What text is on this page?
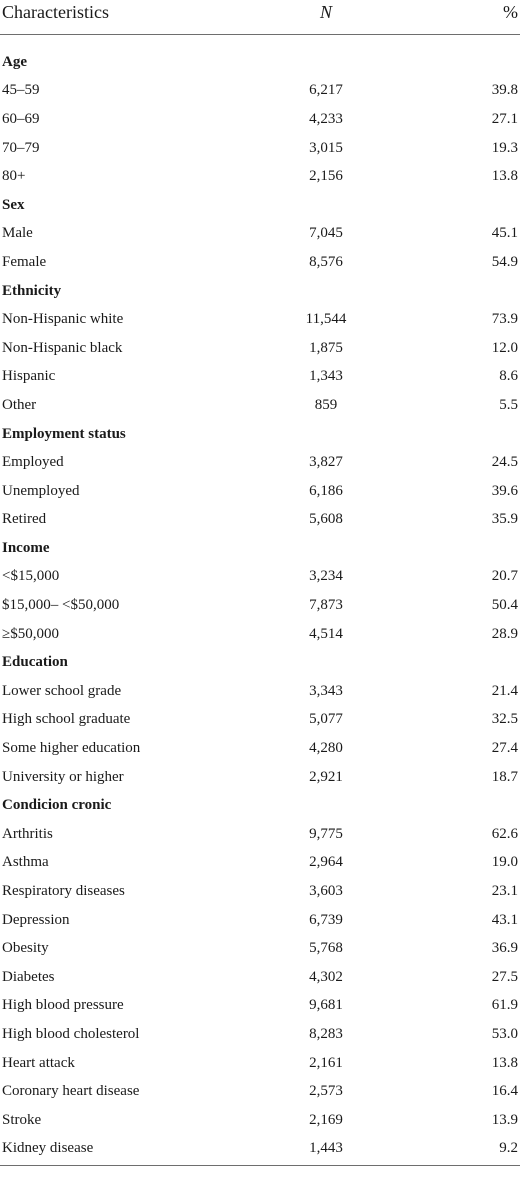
Characteristics	N	%
Age		
45–59	6,217	39.8
60–69	4,233	27.1
70–79	3,015	19.3
80+	2,156	13.8
Sex		
Male	7,045	45.1
Female	8,576	54.9
Ethnicity		
Non-Hispanic white	11,544	73.9
Non-Hispanic black	1,875	12.0
Hispanic	1,343	8.6
Other	859	5.5
Employment status		
Employed	3,827	24.5
Unemployed	6,186	39.6
Retired	5,608	35.9
Income		
<$15,000	3,234	20.7
$15,000– <$50,000	7,873	50.4
≥$50,000	4,514	28.9
Education		
Lower school grade	3,343	21.4
High school graduate	5,077	32.5
Some higher education	4,280	27.4
University or higher	2,921	18.7
Condicion cronic		
Arthritis	9,775	62.6
Asthma	2,964	19.0
Respiratory diseases	3,603	23.1
Depression	6,739	43.1
Obesity	5,768	36.9
Diabetes	4,302	27.5
High blood pressure	9,681	61.9
High blood cholesterol	8,283	53.0
Heart attack	2,161	13.8
Coronary heart disease	2,573	16.4
Stroke	2,169	13.9
Kidney disease	1,443	9.2
